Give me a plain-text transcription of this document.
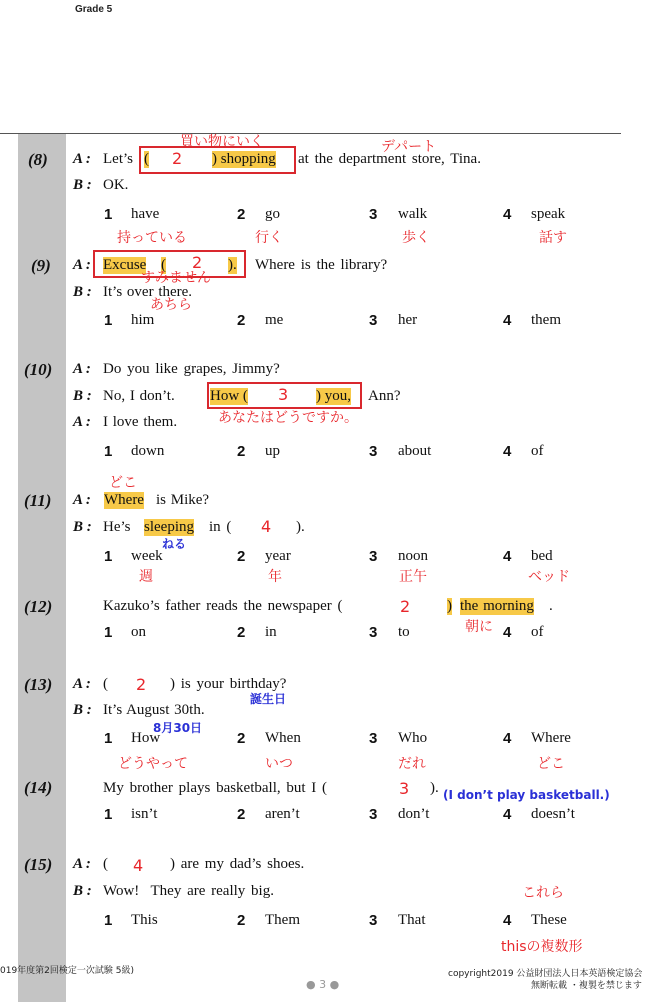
Grade 5
(8)
買い物にいく	デパート
A : Let’s ( 2 ) shopping at the department store, Tina.
B : OK.
1 have	2 go	3 walk	4 speak
持っている	行く	歩く	話す
(9) A : Excuse ( 2 ). Where is the library?
すみません
B : It’s over there.
あちら
1 him	2 me	3 her	4 them
(10) A : Do you like grapes, Jimmy?
B : No, I don’t. How ( 3 ) you, Ann?
あなたはどうですか。
A : I love them.
1 down	2 up	3 about	4 of
どこ
(11) A : Where is Mike?
B : He’s sleeping in ( 4 ).
ねる
1 week	2 year	3 noon	4 bed
週	年	正午	ベッド
(12)	Kazuko’s father reads the newspaper (	2 ) the morning .
朝に
1 on	2 in	3 to	4 of
(13) A : ( 2 ) is your birthday?
誕生日
B : It’s August 30th.
8月30日
1 How	2 When	3 Who	4 Where
どうやって	いつ	だれ	どこ
(14)	My brother plays basketball, but I (	3 ). (I don’t play basketball.)
1 isn’t	2 aren’t	3 don’t	4 doesn’t
(15) A : ( 4 ) are my dad’s shoes.
B : Wow!  They are really big.	これら
1 This	2 Them	3 That	4 These
thisの複数形
019年度第2回検定一次試験 5級)
● 3 ●
copyright2019 公益財団法人日本英語検定協会
無断転載 ・複製を禁じます
